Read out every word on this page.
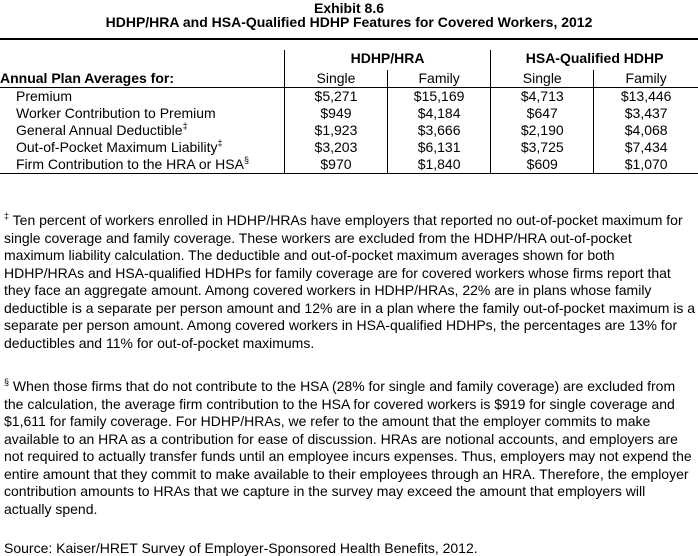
Exhibit 8.6
HDHP/HRA and HSA-Qualified HDHP Features for Covered Workers, 2012
	HDHP/HRA		HSA-Qualified HDHP	
Annual Plan Averages for:	Single	Family	Single	Family
Premium	$5,271	$15,169	$4,713	$13,446
Worker Contribution to Premium	$949	$4,184	$647	$3,437
General Annual Deductible‡	$1,923	$3,666	$2,190	$4,068
Out-of-Pocket Maximum Liability‡	$3,203	$6,131	$3,725	$7,434
Firm Contribution to the HRA or HSA§	$970	$1,840	$609	$1,070

‡ Ten percent of workers enrolled in HDHP/HRAs have employers that reported no out-of-pocket maximum for single coverage and family coverage. These workers are excluded from the HDHP/HRA out-of-pocket maximum liability calculation. The deductible and out-of-pocket maximum averages shown for both HDHP/HRAs and HSA-qualified HDHPs for family coverage are for covered workers whose firms report that they face an aggregate amount. Among covered workers in HDHP/HRAs, 22% are in plans whose family deductible is a separate per person amount and 12% are in a plan where the family out-of-pocket maximum is a separate per person amount. Among covered workers in HSA-qualified HDHPs, the percentages are 13% for deductibles and 11% for out-of-pocket maximums.

§ When those firms that do not contribute to the HSA (28% for single and family coverage) are excluded from the calculation, the average firm contribution to the HSA for covered workers is $919 for single coverage and $1,611 for family coverage. For HDHP/HRAs, we refer to the amount that the employer commits to make available to an HRA as a contribution for ease of discussion. HRAs are notional accounts, and employers are not required to actually transfer funds until an employee incurs expenses. Thus, employers may not expend the entire amount that they commit to make available to their employees through an HRA. Therefore, the employer contribution amounts to HRAs that we capture in the survey may exceed the amount that employers will actually spend.

Source: Kaiser/HRET Survey of Employer-Sponsored Health Benefits, 2012.
